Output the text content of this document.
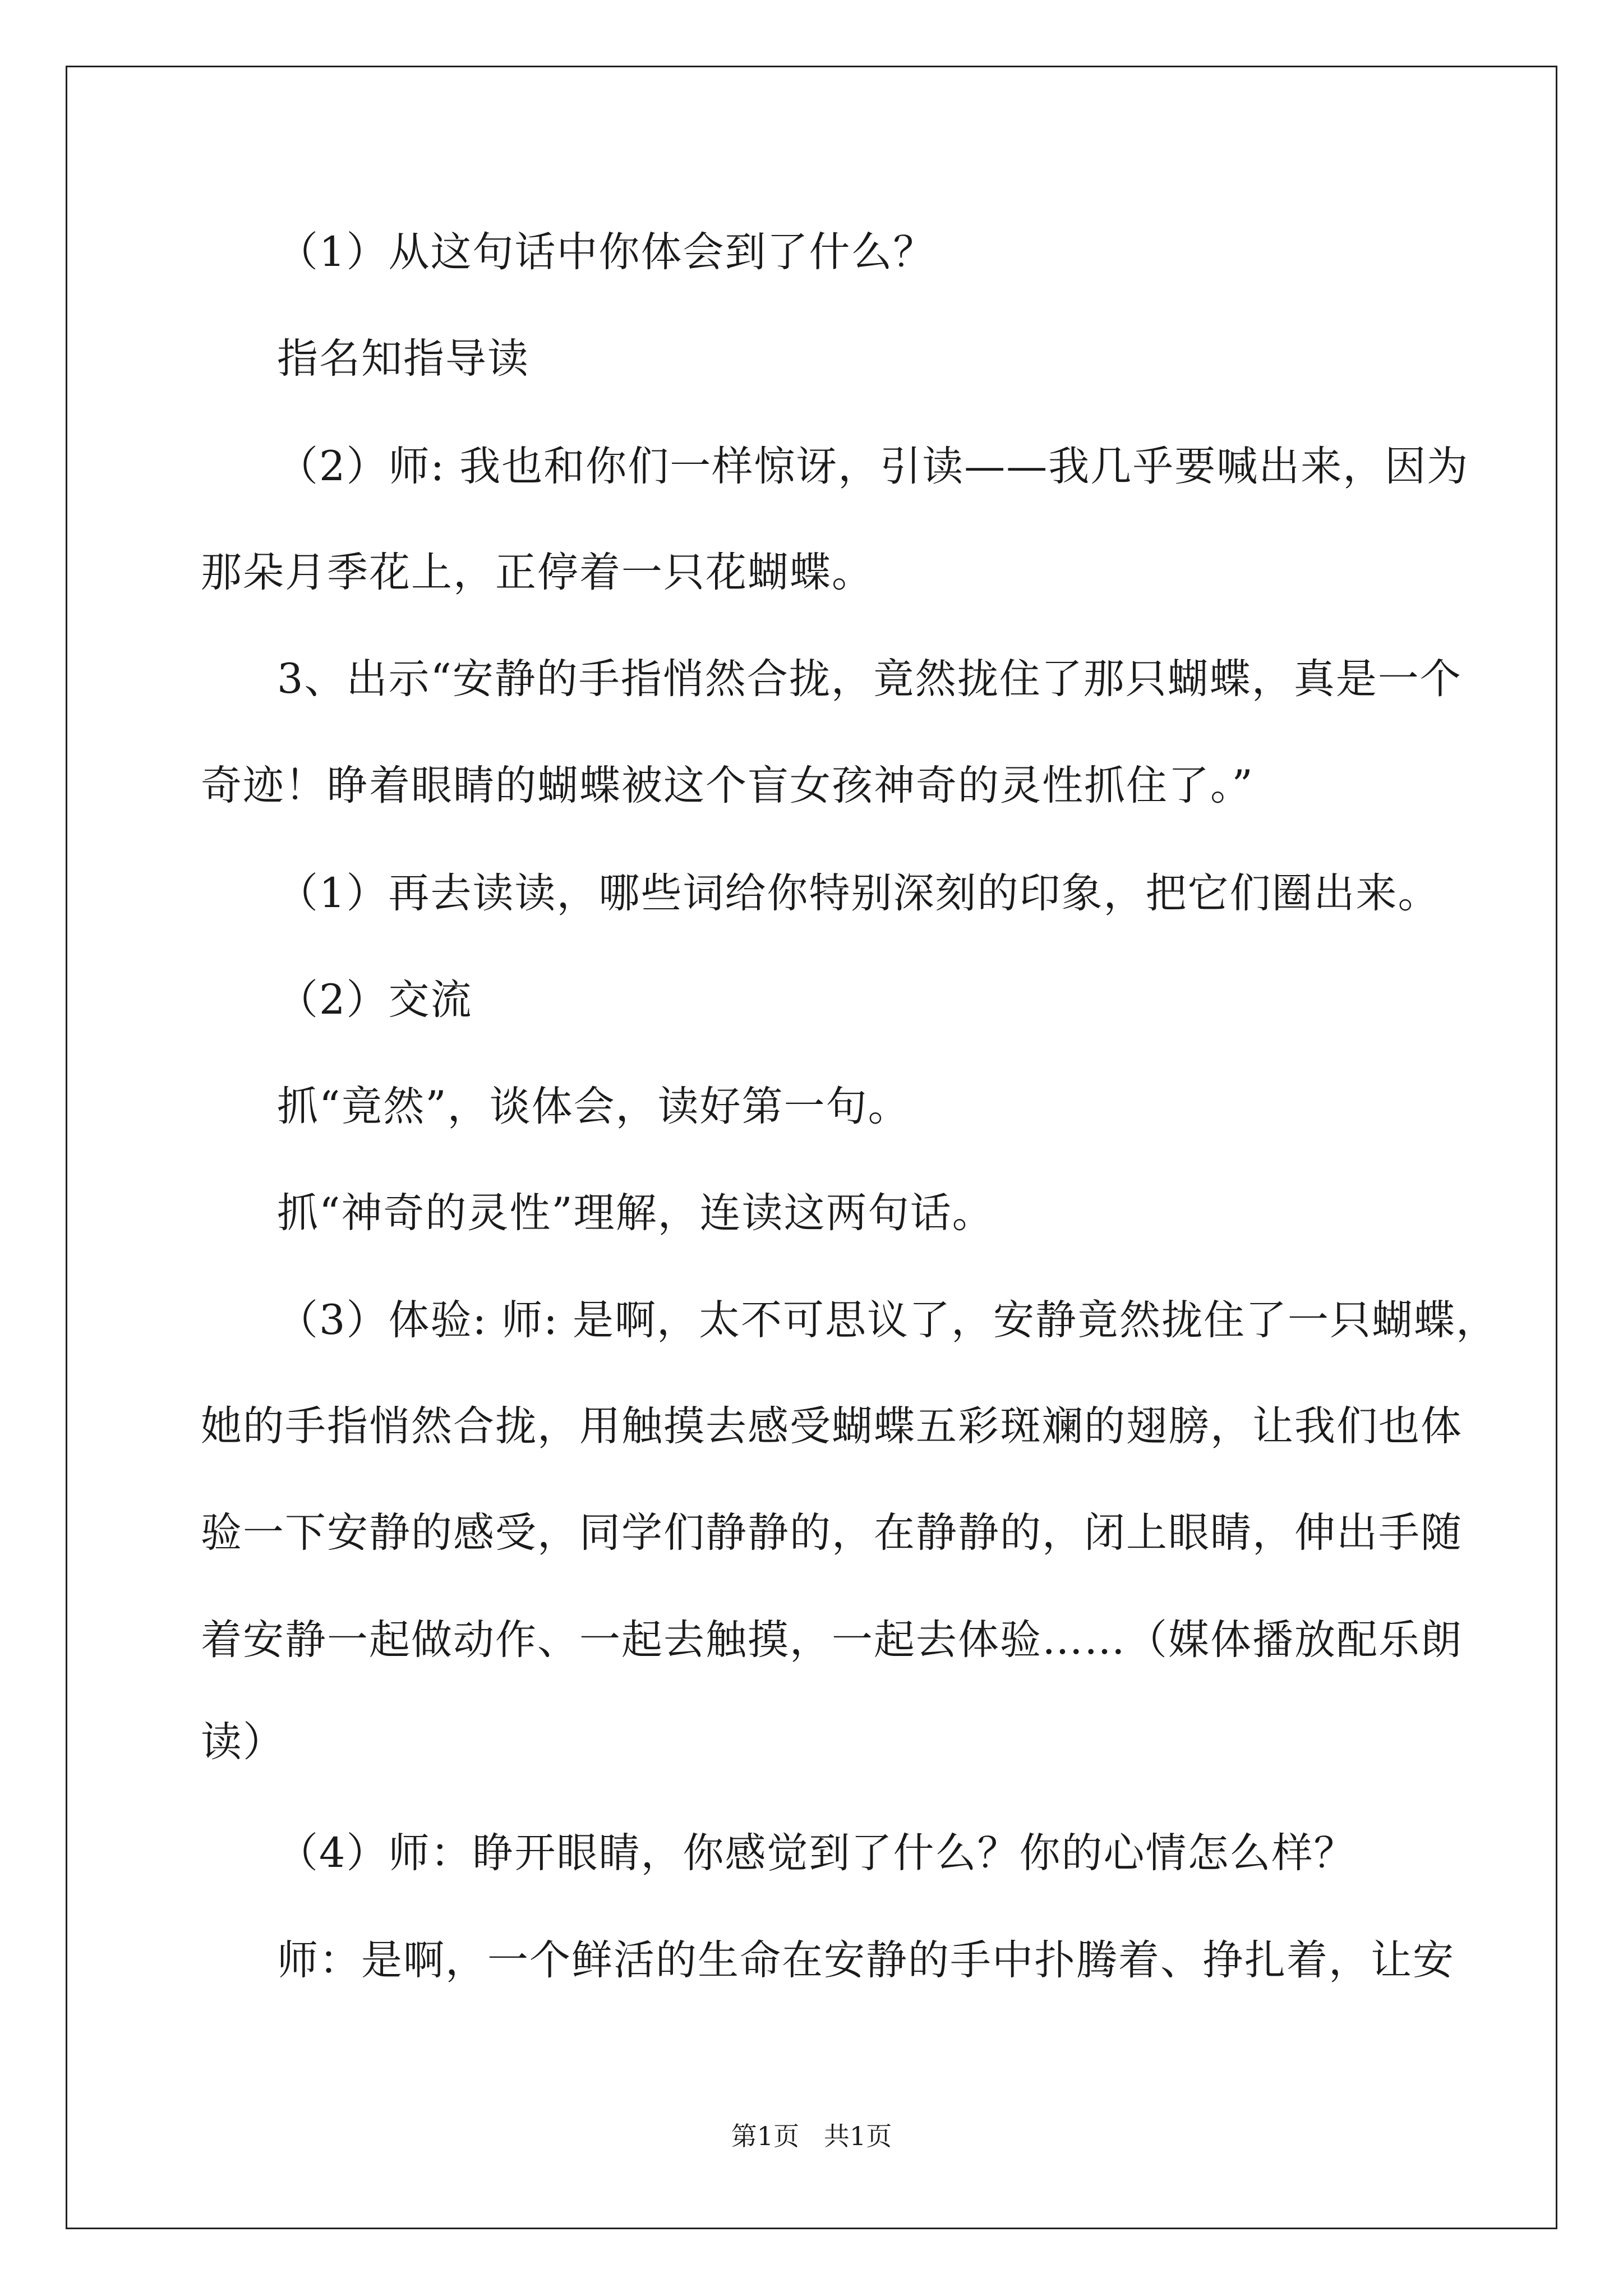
（1）从这句话中你体会到了什么？
指名知指导读
（2）师: 我也和你们一样惊讶，引读——我几乎要喊出来，因为
那朵月季花上，正停着一只花蝴蝶。
3、出示“安静的手指悄然合拢，竟然拢住了那只蝴蝶，真是一个
奇迹！睁着眼睛的蝴蝶被这个盲女孩神奇的灵性抓住了。”
（1）再去读读，哪些词给你特别深刻的印象，把它们圈出来。
（2）交流
抓“竟然”，谈体会，读好第一句。
抓“神奇的灵性”理解，连读这两句话。
（3）体验: 师: 是啊，太不可思议了，安静竟然拢住了一只蝴蝶，
她的手指悄然合拢，用触摸去感受蝴蝶五彩斑斓的翅膀，让我们也体
验一下安静的感受，同学们静静的，在静静的，闭上眼睛，伸出手随
着安静一起做动作、一起去触摸，一起去体验……（媒体播放配乐朗
读）
（4）师：睁开眼睛，你感觉到了什么？你的心情怎么样？
师：是啊，一个鲜活的生命在安静的手中扑腾着、挣扎着，让安
第1页   共1页
